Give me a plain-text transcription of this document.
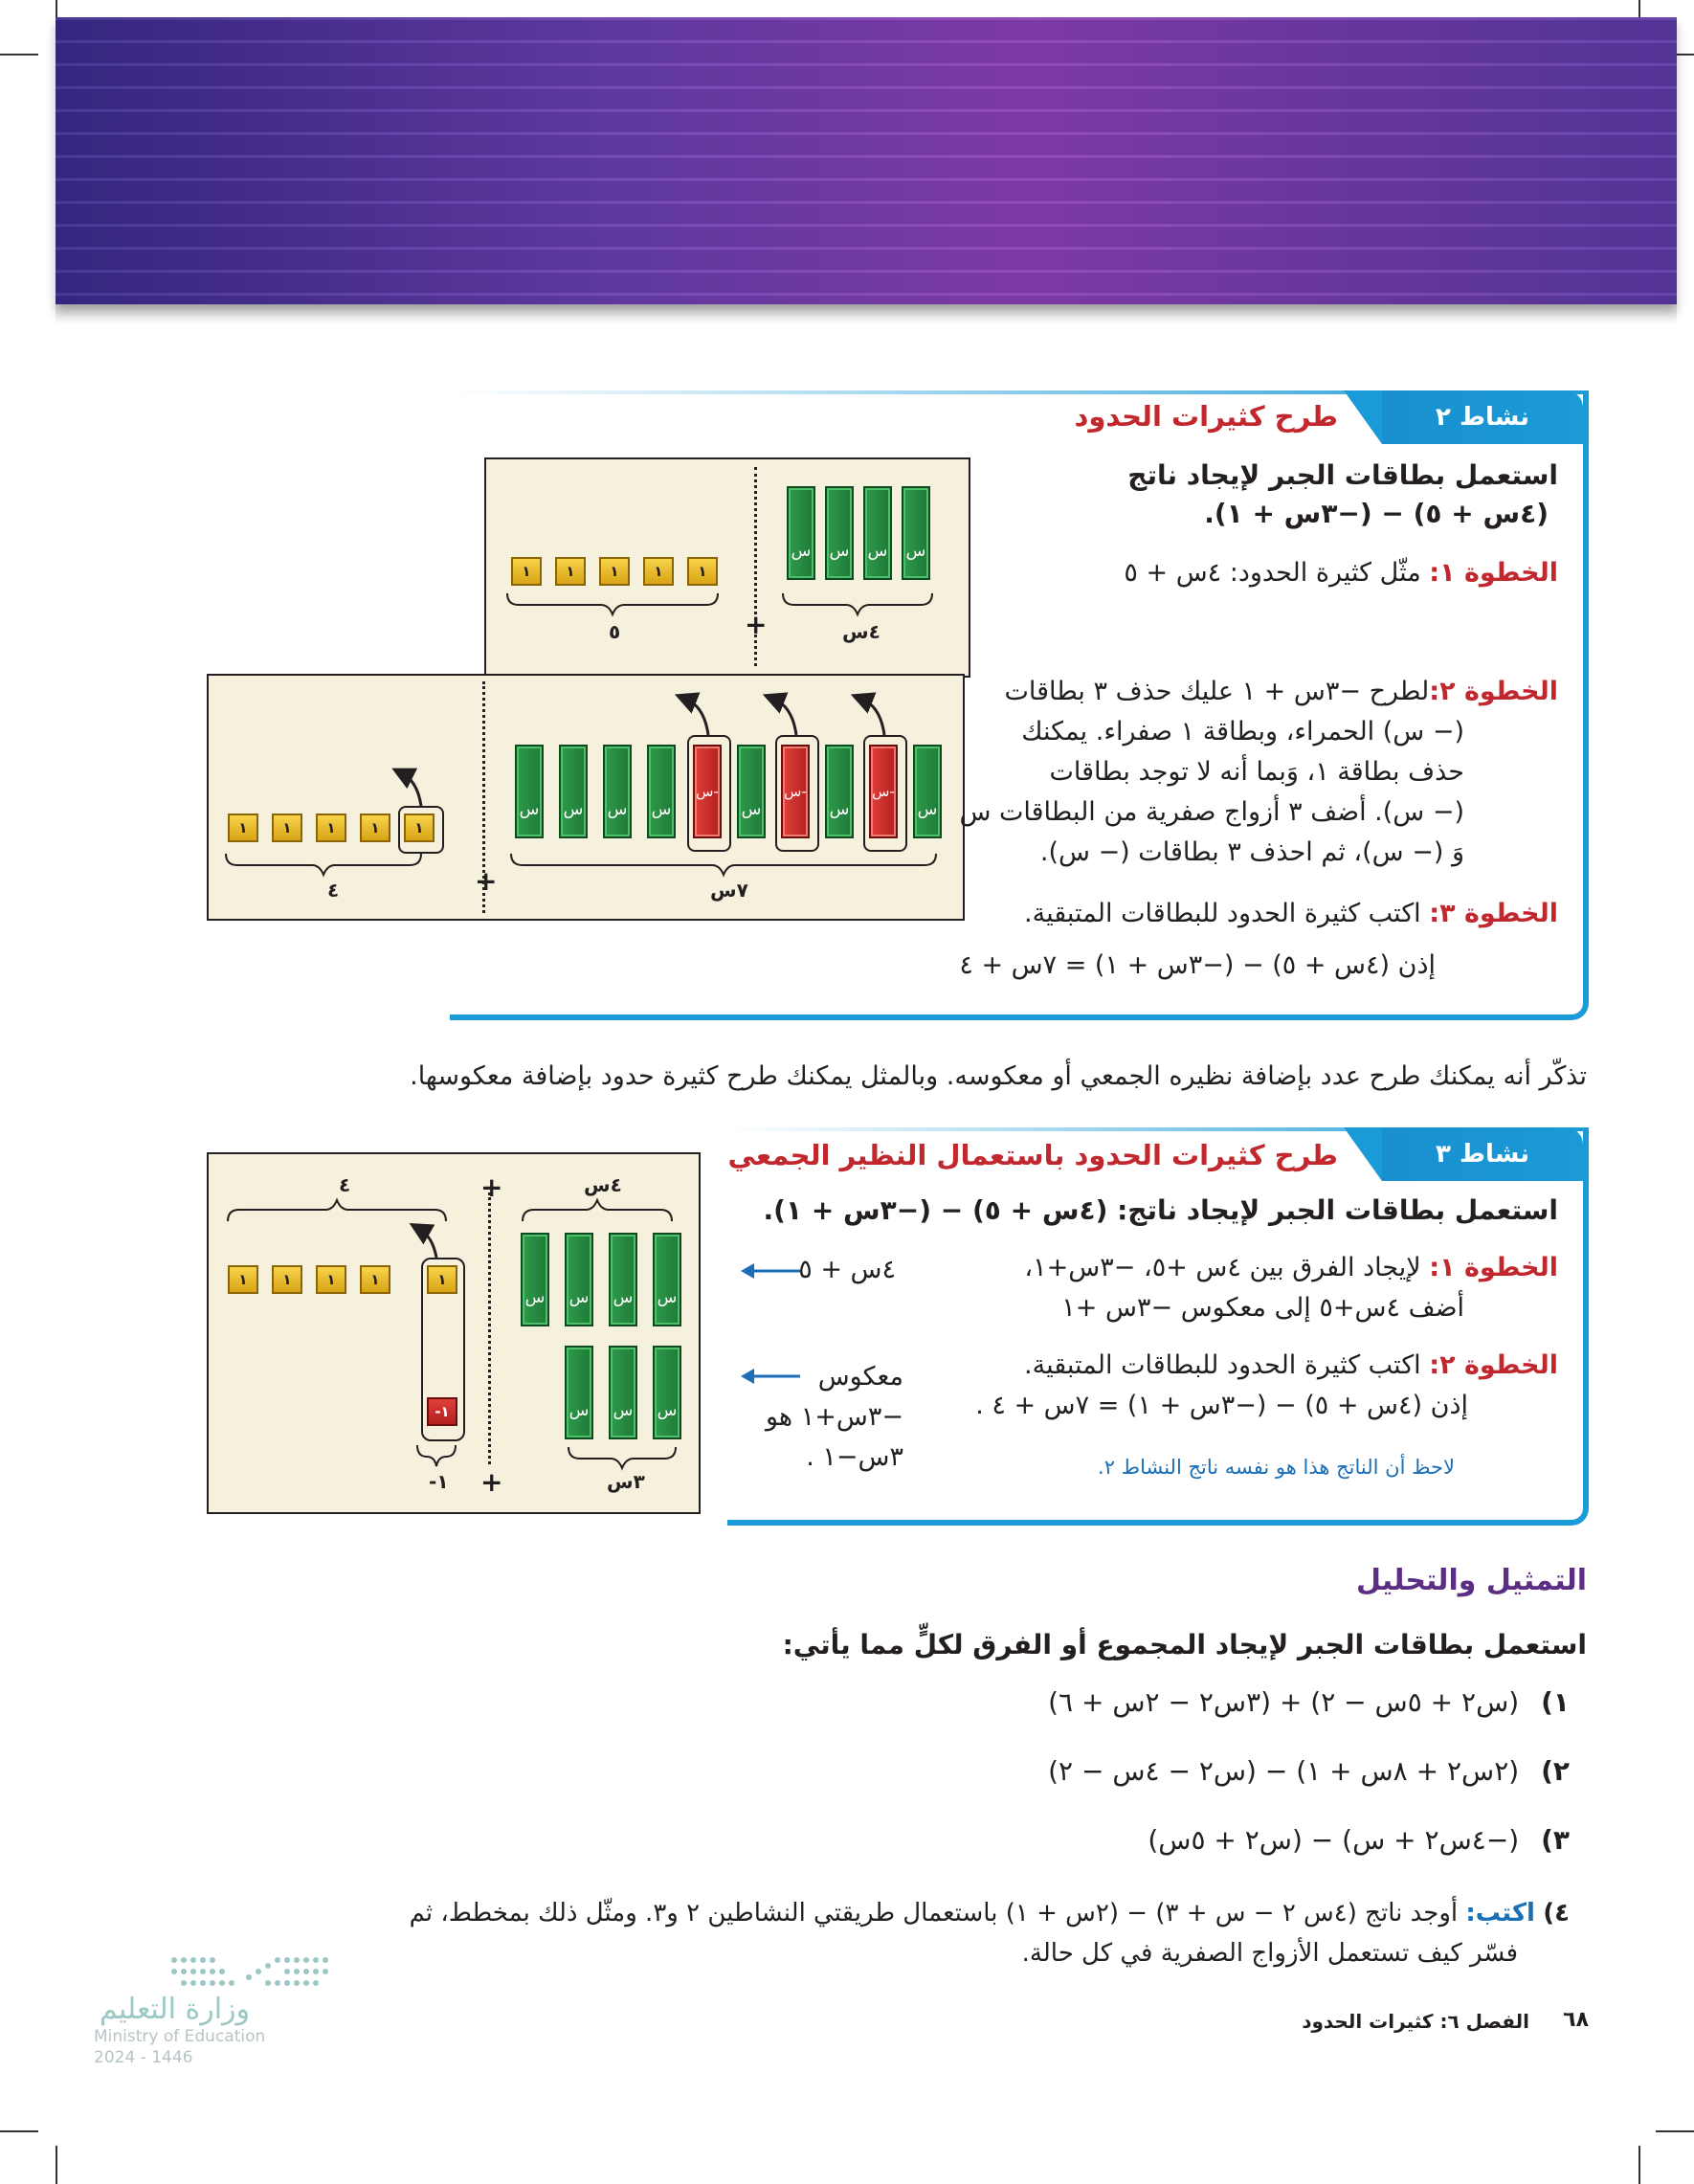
نشاط ٢
طرح كثيرات الحدود
استعمل بطاقات الجبر لإيجاد ناتج
(٤س + ٥) − (−٣س + ١).
الخطوة ١: مثّل كثيرة الحدود: ٤س + ٥
س س س س
١ ١ ١ ١ ١
٤س
٥	+
س س س س	س	س	س
-س	-س	-س
١ ١ ١ ١ ١
٧س
٤	+
الخطوة ٢:لطرح −٣س + ١ عليك حذف ٣ بطاقات
(− س) الحمراء، وبطاقة ١ صفراء. يمكنك
حذف بطاقة ١، وَبما أنه لا توجد بطاقات
(− س). أضف ٣ أزواج صفرية من البطاقات س
وَ (− س)، ثم احذف ٣ بطاقات (− س).
الخطوة ٣: اكتب كثيرة الحدود للبطاقات المتبقية.
إذن (٤س + ٥) − (−٣س + ١) = ٧س + ٤
تذكّر أنه يمكنك طرح عدد بإضافة نظيره الجمعي أو معكوسه. وبالمثل يمكنك طرح كثيرة حدود بإضافة معكوسها.
نشاط ٣
طرح كثيرات الحدود باستعمال النظير الجمعي
استعمل بطاقات الجبر لإيجاد ناتج: (٤س + ٥) − (−٣س + ١).
الخطوة ١: لإيجاد الفرق بين ٤س +٥، −٣س+١،
أضف ٤س+٥ إلى معكوس −٣س +١
الخطوة ٢: اكتب كثيرة الحدود للبطاقات المتبقية.
إذن (٤س + ٥) − (−٣س + ١) = ٧س + ٤ .
لاحظ أن الناتج هذا هو نفسه ناتج النشاط ٢.
٤س + ٥
معكوس
−٣س+١ هو
٣س−١ .
س س س س
س س س
١ ١ ١ ١	١
١-
+
+
٤س
٤
٣س
١-
التمثيل والتحليل
استعمل بطاقات الجبر لإيجاد المجموع أو الفرق لكلٍّ مما يأتي:
١) (س٢ + ٥س − ٢) + (٣س٢ − ٢س + ٦)
٢) (٢س٢ + ٨س + ١) − (س٢ − ٤س − ٢)
٣) (−٤س٢ + س) − (س٢ + ٥س)
٤) اكتب: أوجد ناتج (٤س ٢ − س + ٣) − (٢س + ١) باستعمال طريقتي النشاطين ٢ و٣. ومثّل ذلك بمخطط، ثم
فسّر كيف تستعمل الأزواج الصفرية في كل حالة.
٦٨
الفصل ٦: كثيرات الحدود
وزارة التعليم
Ministry of Education
2024 - 1446
